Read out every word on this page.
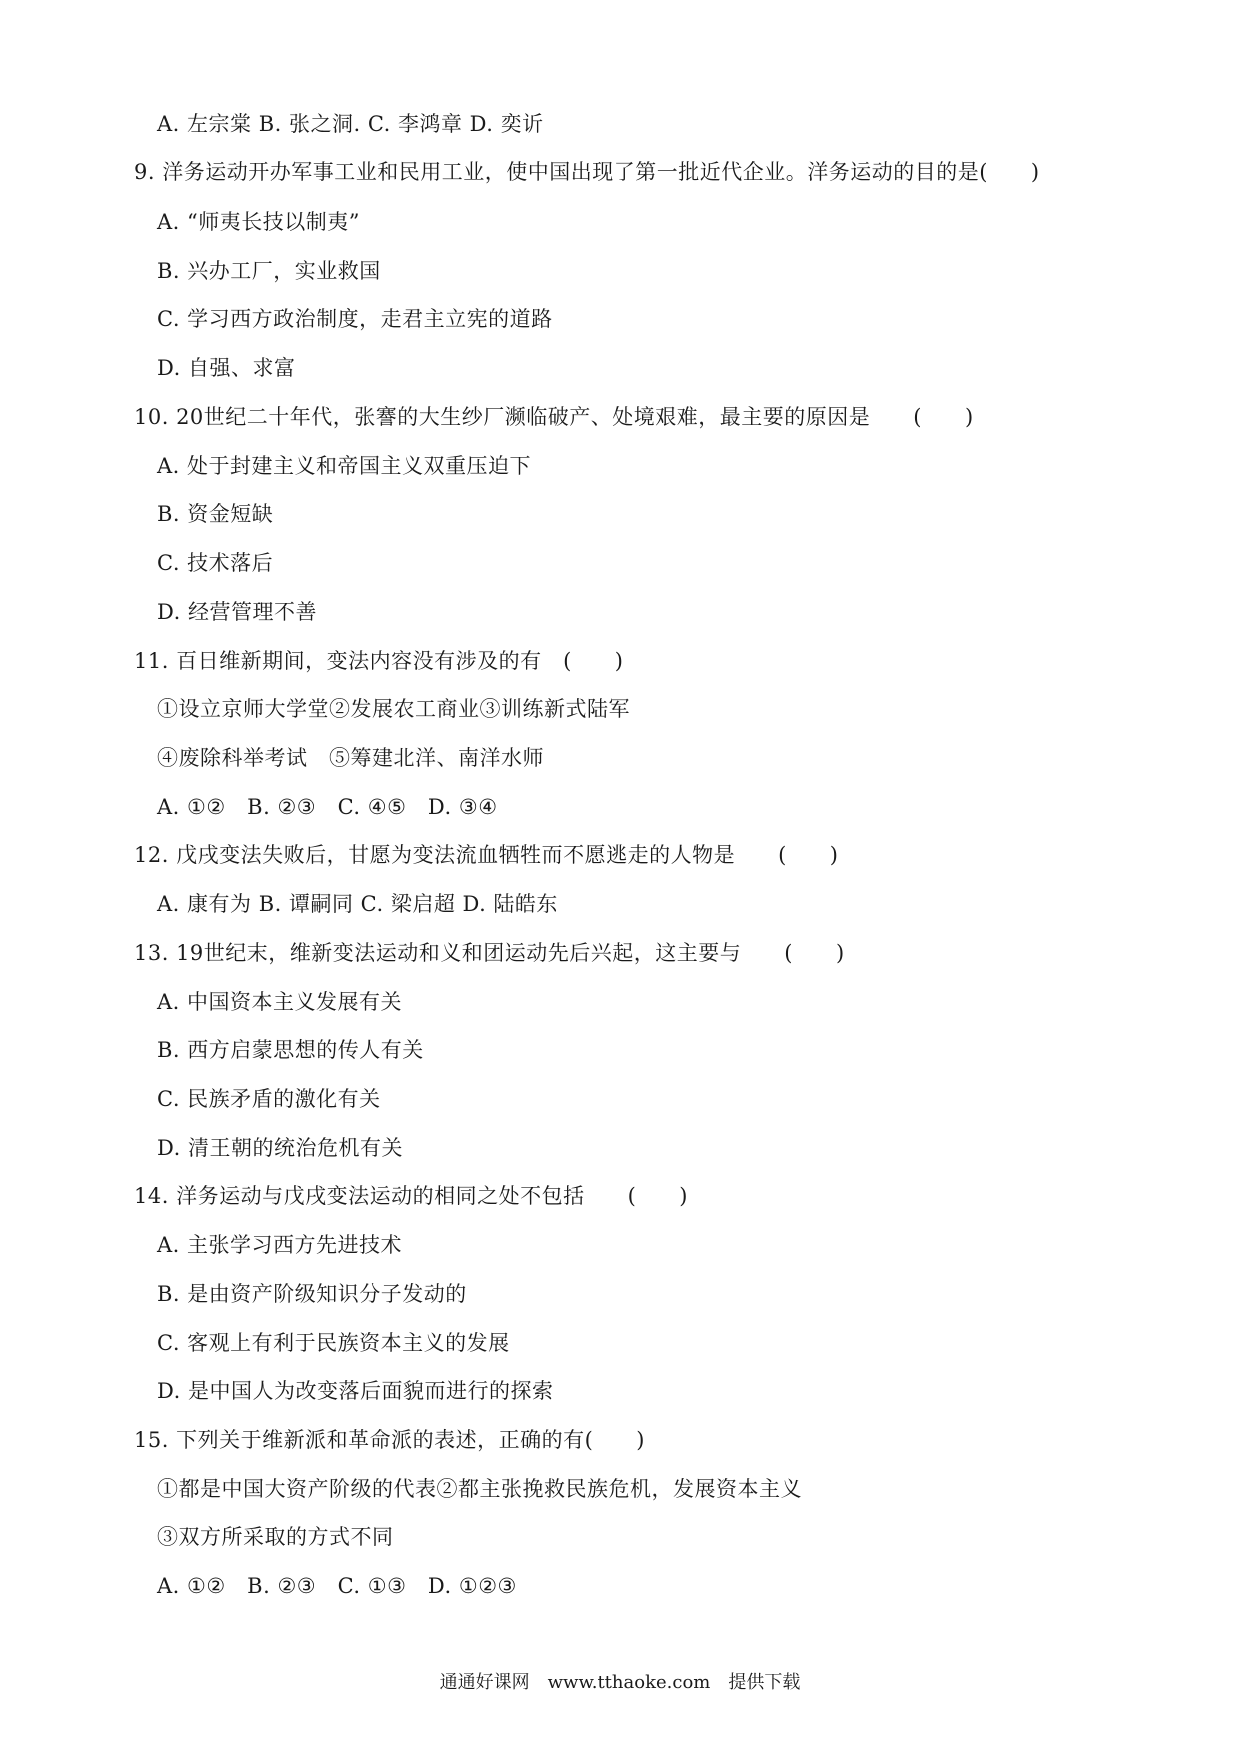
A. 左宗棠 B. 张之洞. C. 李鸿章 D. 奕䜣
9. 洋务运动开办军事工业和民用工业，使中国出现了第一批近代企业。洋务运动的目的是(　　)
A. “师夷长技以制夷”
B. 兴办工厂，实业救国
C. 学习西方政治制度，走君主立宪的道路
D. 自强、求富
10. 20世纪二十年代，张謇的大生纱厂濒临破产、处境艰难，最主要的原因是　　(　　)
A. 处于封建主义和帝国主义双重压迫下
B. 资金短缺
C. 技术落后
D. 经营管理不善
11. 百日维新期间，变法内容没有涉及的有　(　　)
①设立京师大学堂②发展农工商业③训练新式陆军
④废除科举考试　⑤筹建北洋、南洋水师
A. ①②　B. ②③　C. ④⑤　D. ③④
12. 戊戌变法失败后，甘愿为变法流血牺牲而不愿逃走的人物是　　(　　)
A. 康有为 B. 谭嗣同 C. 梁启超 D. 陆皓东
13. 19世纪末，维新变法运动和义和团运动先后兴起，这主要与　　(　　)
A. 中国资本主义发展有关
B. 西方启蒙思想的传人有关
C. 民族矛盾的激化有关
D. 清王朝的统治危机有关
14. 洋务运动与戊戌变法运动的相同之处不包括　　(　　)
A. 主张学习西方先进技术
B. 是由资产阶级知识分子发动的
C. 客观上有利于民族资本主义的发展
D. 是中国人为改变落后面貌而进行的探索
15. 下列关于维新派和革命派的表述，正确的有(　　)
①都是中国大资产阶级的代表②都主张挽救民族危机，发展资本主义
③双方所采取的方式不同
A. ①②　B. ②③　C. ①③　D. ①②③
通通好课网　www.tthaoke.com　提供下载
